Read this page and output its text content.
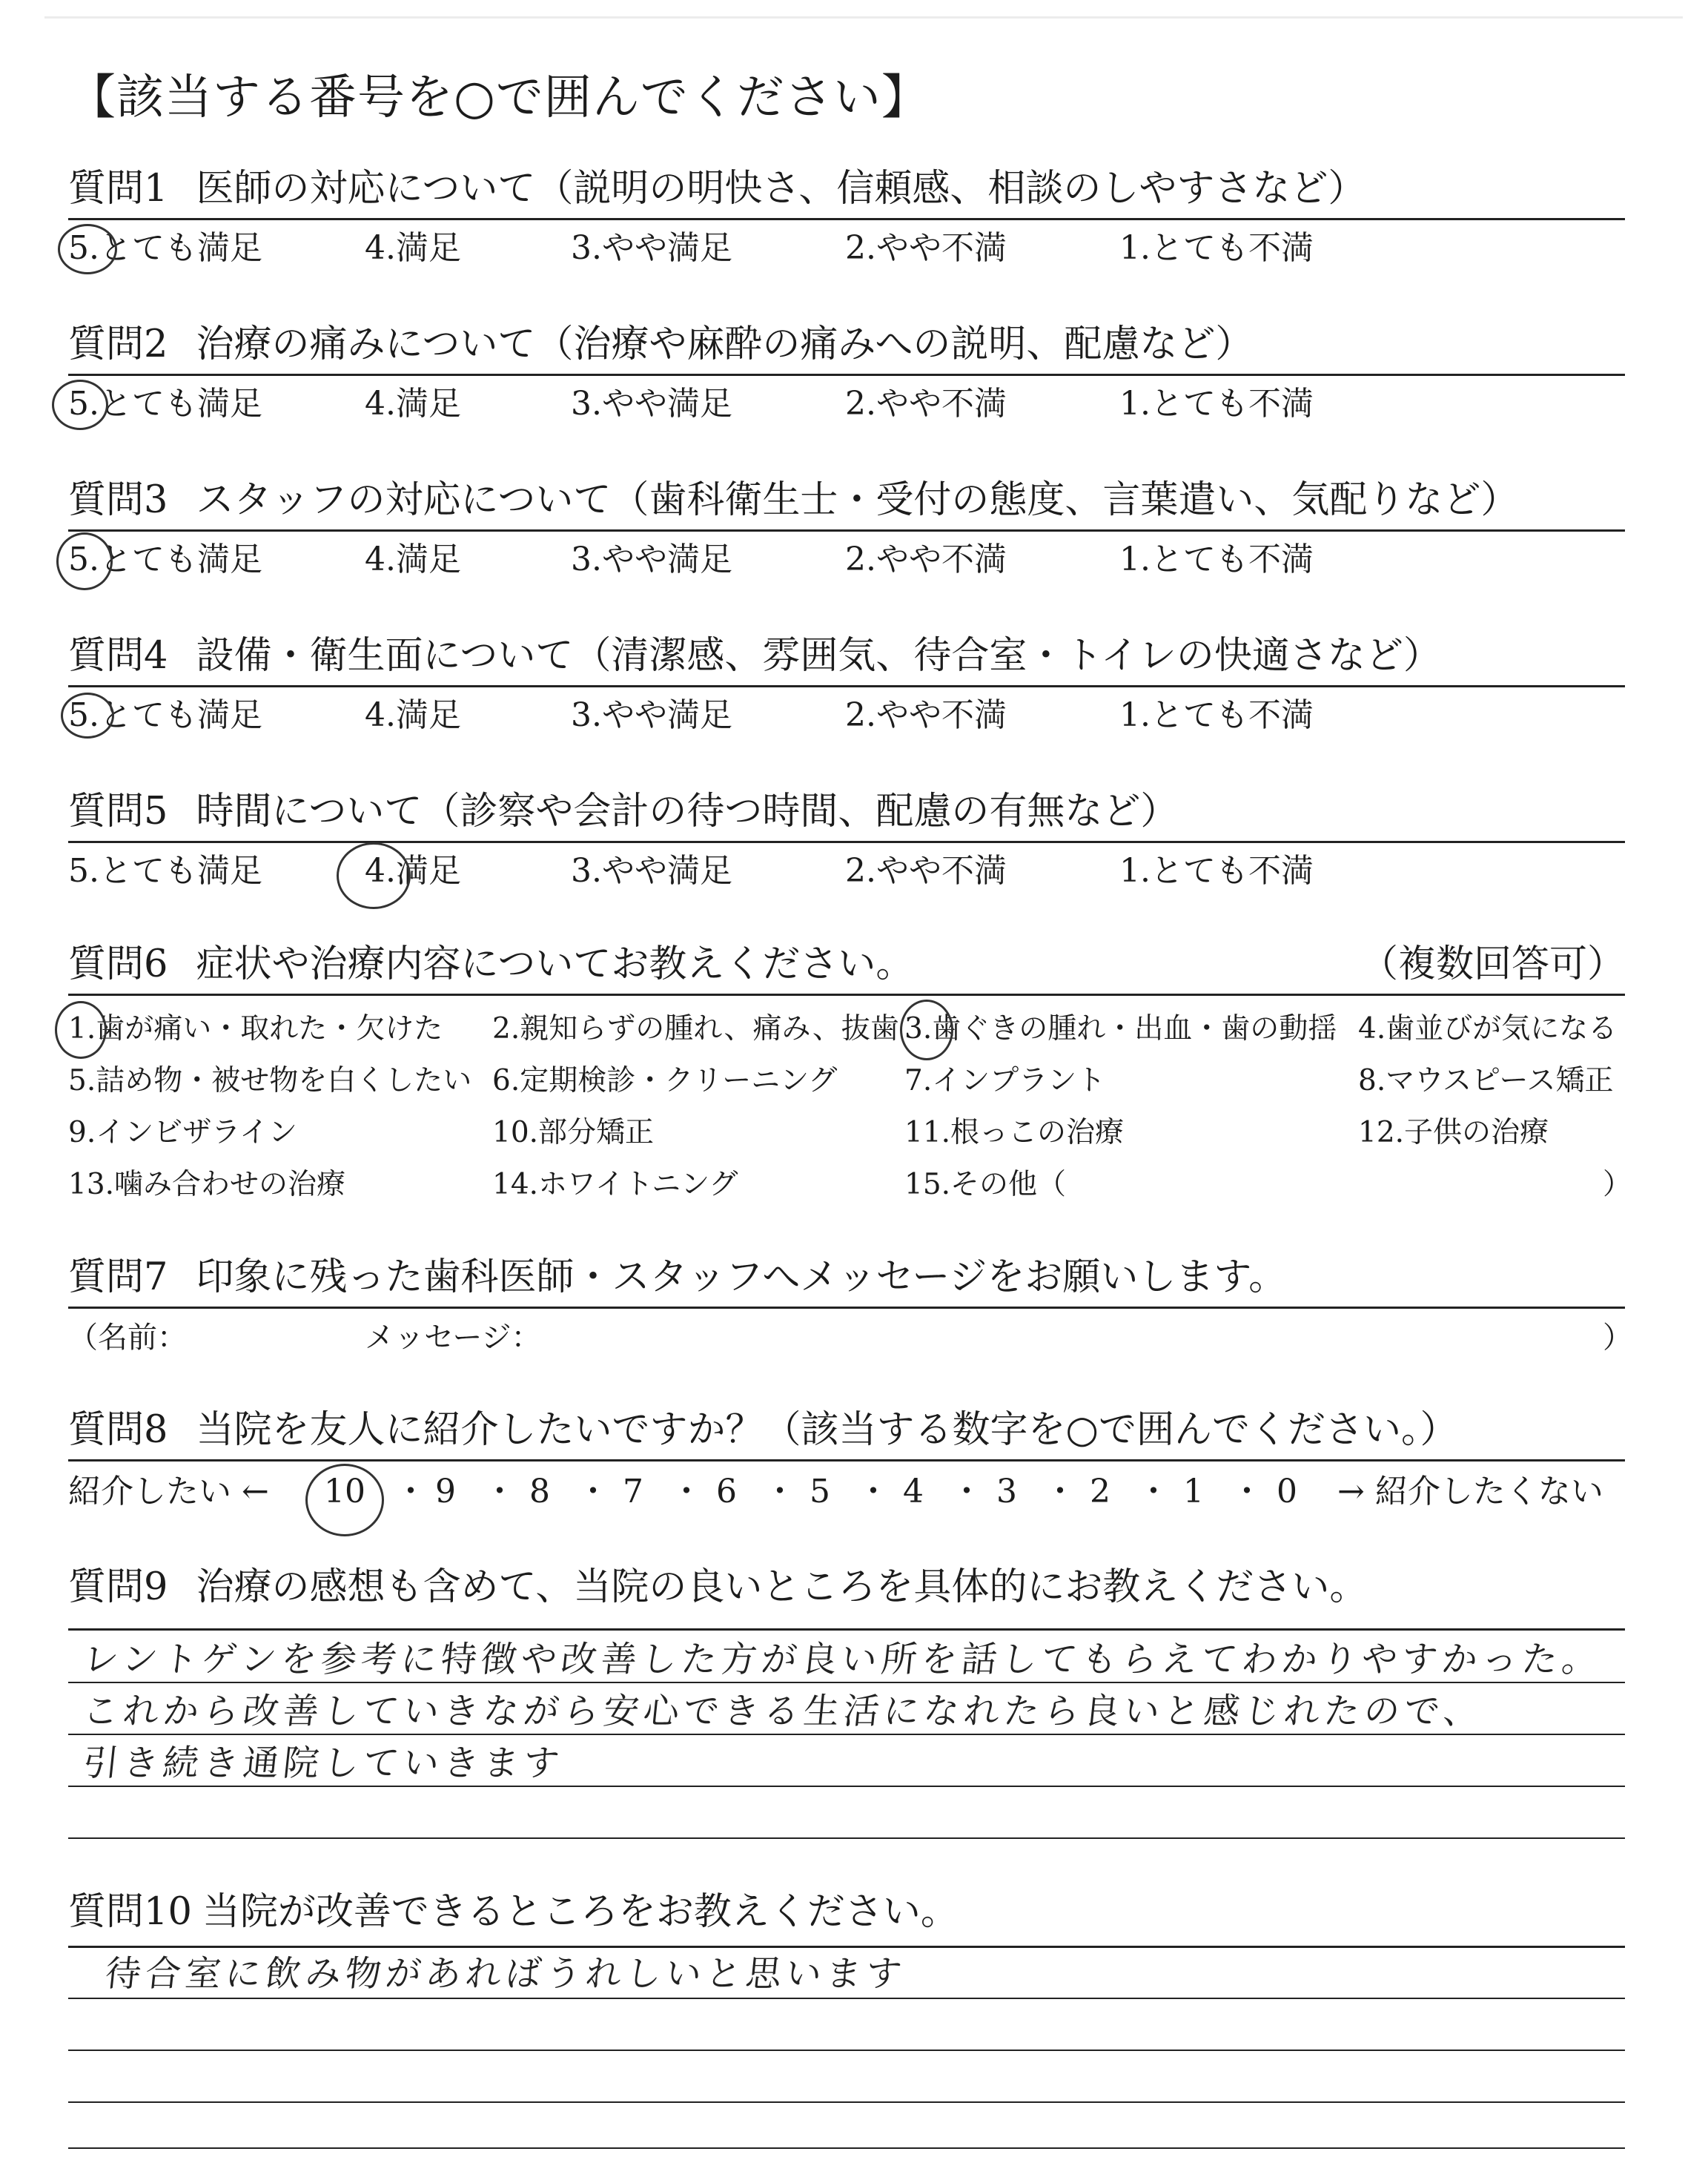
【該当する番号を○で囲んでください】
質問1 医師の対応について（説明の明快さ、信頼感、相談のしやすさなど）
5.とても満足	4.満足	3.やや満足	2.やや不満	1.とても不満
質問2 治療の痛みについて（治療や麻酔の痛みへの説明、配慮など）
5.とても満足	4.満足	3.やや満足	2.やや不満	1.とても不満
質問3 スタッフの対応について（歯科衛生士・受付の態度、言葉遣い、気配りなど）
5.とても満足	4.満足	3.やや満足	2.やや不満	1.とても不満
質問4 設備・衛生面について（清潔感、雰囲気、待合室・トイレの快適さなど）
5.とても満足	4.満足	3.やや満足	2.やや不満	1.とても不満
質問5 時間について（診察や会計の待つ時間、配慮の有無など）
5.とても満足	4.満足	3.やや満足	2.やや不満	1.とても不満
質問6 症状や治療内容についてお教えください。	（複数回答可）
1.歯が痛い・取れた・欠けた 2.親知らずの腫れ、痛み、抜歯 3.歯ぐきの腫れ・出血・歯の動揺 4.歯並びが気になる
5.詰め物・被せ物を白くしたい 6.定期検診・クリーニング 7.インプラント	8.マウスピース矯正
9.インビザライン	10.部分矯正	11.根っこの治療	12.子供の治療
13.噛み合わせの治療	14.ホワイトニング	15.その他（	）
質問7 印象に残った歯科医師・スタッフへメッセージをお願いします。
（名前：	メッセージ：	）
質問8 当院を友人に紹介したいですか？（該当する数字を○で囲んでください。）
紹介したい ← 10 ・ 9 ・ 8 ・ 7 ・ 6 ・ 5 ・ 4 ・ 3 ・ 2 ・ 1 ・ 0 → 紹介したくない
質問9 治療の感想も含めて、当院の良いところを具体的にお教えください。
レントゲンを参考に特徴や改善した方が良い所を話してもらえてわかりやすかった。
これから改善していきながら安心できる生活になれたら良いと感じれたので、
引き続き通院していきます
質問10 当院が改善できるところをお教えください。
待合室に飲み物があればうれしいと思います
